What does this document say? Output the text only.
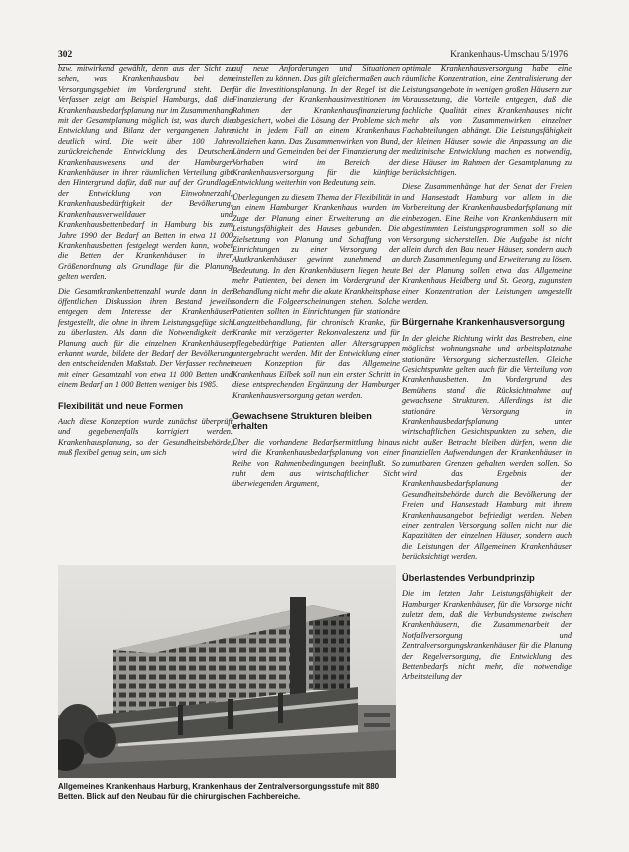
302	Krankenhaus-Umschau 5/1976

bzw. mitwirkend gewählt, denn aus der Sicht zu sehen, was Krankenhausbau bei dem Versorgungsgebiet im Vordergrund steht. Der Verfasser zeigt am Beispiel Hamburgs, daß die Krankenhausbedarfsplanung nur im Zusammenhang mit der Gesamtplanung möglich ist, was durch die Entwicklung und Bilanz der vergangenen Jahre deutlich wird. Die weit über 100 Jahre zurückreichende Entwicklung des Deutschen Krankenhauswesens und der Hamburger Krankenhäuser in ihrer räumlichen Verteilung gibt den Hintergrund dafür, daß nur auf der Grundlage der Entwicklung von Einwohnerzahl, Krankenhausbedürftigkeit der Bevölkerung, Krankenhausverweildauer und Krankenhausbettenbedarf in Hamburg bis zum Jahre 1990 der Bedarf an Betten in etwa 11 000 Krankenhausbetten festgelegt werden kann, wobei die Betten der Krankenhäuser in ihrer Größenordnung als Grundlage für die Planung gelten werden.

Die Gesamtkrankenbettenzahl wurde dann in der öffentlichen Diskussion ihren Bestand jeweils entgegen dem Interesse der Krankenhäuser festgestellt, die ohne in ihrem Leistungsgefüge sich zu überlasten. Als dann die Notwendigkeit der Planung auch für die einzelnen Krankenhäuser erkannt wurde, bildete der Bedarf der Bevölkerung den entscheidenden Maßstab. Der Verfasser rechnet mit einer Gesamtzahl von etwa 11 000 Betten und einem Bedarf an 1 000 Betten weniger bis 1985.

Flexibilität und neue Formen

Auch diese Konzeption wurde zunächst überprüft und gegebenenfalls korrigiert werden. Krankenhausplanung, so der Gesundheitsbehörde, muß flexibel genug sein, um sich

auf neue Anforderungen und Situationen einstellen zu können. Das gilt gleichermaßen auch für die Investitionsplanung. In der Regel ist die Finanzierung der Krankenhausinvestitionen im Rahmen der Krankenhausfinanzierung abgesichert, wobei die Lösung der Probleme sich nicht in jedem Fall an einem Krankenhaus vollziehen kann. Das Zusammenwirken von Bund, Ländern und Gemeinden bei der Finanzierung der Vorhaben wird im Bereich der Krankenhausversorgung für die künftige Entwicklung weiterhin von Bedeutung sein.

Überlegungen zu diesem Thema der Flexibilität in an einem Hamburger Krankenhaus wurden im Zuge der Planung einer Erweiterung an die Leistungsfähigkeit des Hauses gebunden. Die Zielsetzung von Planung und Schaffung von Einrichtungen zu einer Versorgung der Akutkrankenhäuser gewinnt zunehmend an Bedeutung. In den Krankenhäusern liegen heute mehr Patienten, bei denen im Vordergrund der Behandlung nicht mehr die akute Krankheitsphase sondern die Folgeerscheinungen stehen. Solche Patienten sollten in Einrichtungen für stationäre Langzeitbehandlung, für chronisch Kranke, für Kranke mit verzögerter Rekonvaleszenz und für pflegebedürftige Patienten aller Altersgruppen untergebracht werden. Mit der Entwicklung einer neuen Konzeption für das Allgemeine Krankenhaus Eilbek soll nun ein erster Schritt in diese entsprechenden Ergänzung der Hamburger Krankenhausversorgung getan werden.

Gewachsene Strukturen bleiben erhalten

Über die vorhandene Bedarfsermittlung hinaus wird die Krankenhausbedarfsplanung von einer Reihe von Rahmenbedingungen beeinflußt. So ruht dem aus wirtschaftlicher Sicht überwiegenden Argument,

optimale Krankenhausversorgung habe eine räumliche Konzentration, eine Zentralisierung der Leistungsangebote in wenigen großen Häusern zur Voraussetzung, die Vorteile entgegen, daß die fachliche Qualität eines Krankenhauses nicht mehr als von Zusammenwirken einzelner Fachabteilungen abhängt. Die Leistungsfähigkeit der kleinen Häuser sowie die Anpassung an die medizinische Entwicklung machen es notwendig, diese Häuser im Rahmen der Gesamtplanung zu berücksichtigen.

Diese Zusammenhänge hat der Senat der Freien und Hansestadt Hamburg vor allem in die Vorbereitung der Krankenhausbedarfsplanung mit einbezogen. Eine Reihe von Krankenhäusern mit abgestimmten Leistungsprogrammen soll so die Versorgung sicherstellen. Die Aufgabe ist nicht allein durch den Bau neuer Häuser, sondern auch durch Zusammenlegung und Erweiterung zu lösen. Bei der Planung sollen etwa das Allgemeine Krankenhaus Heidberg und St. Georg, zugunsten einer Konzentration der Leistungen umgestellt werden.

Bürgernahe Krankenhausversorgung

In der gleiche Richtung wirkt das Bestreben, eine möglichst wohnungsnahe und arbeitsplatznahe stationäre Versorgung sicherzustellen. Gleiche Gesichtspunkte gelten auch für die Verteilung von Krankenhausbetten. Im Vordergrund des Bemühens stand die Rücksichtnahme auf gewachsene Strukturen. Allerdings ist die stationäre Versorgung in Krankenhausbedarfsplanung unter wirtschaftlichen Gesichtspunkten zu sehen, die nicht außer Betracht bleiben dürfen, wenn die finanziellen Aufwendungen der Krankenhäuser in zumutbaren Grenzen gehalten werden sollen. So wird das Ergebnis der Krankenhausbedarfsplanung der Gesundheitsbehörde durch die Bevölkerung der Freien und Hansestadt Hamburg mit ihrem Krankenhausangebot befriedigt werden. Neben einer zentralen Versorgung sollen nicht nur die Kapazitäten der einzelnen Häuser, sondern auch die Leistungen der Allgemeinen Krankenhäuser berücksichtigt werden.

Überlastendes Verbundprinzip

Die im letzten Jahr Leistungsfähigkeit der Hamburger Krankenhäuser, für die Vorsorge nicht zuletzt dem, daß die Verbundsysteme zwischen Krankenhäusern, die Zusammenarbeit der Notfallversorgung und Zentralversorgungskrankenhäuser für die Planung der Regelversorgung, die Entwicklung des Bettenbedarfs nicht mehr, die notwendige Arbeitsteilung der

Allgemeines Krankenhaus Harburg, Krankenhaus der Zentralversorgungsstufe mit 880 Betten. Blick auf den Neubau für die chirurgischen Fachbereiche.
